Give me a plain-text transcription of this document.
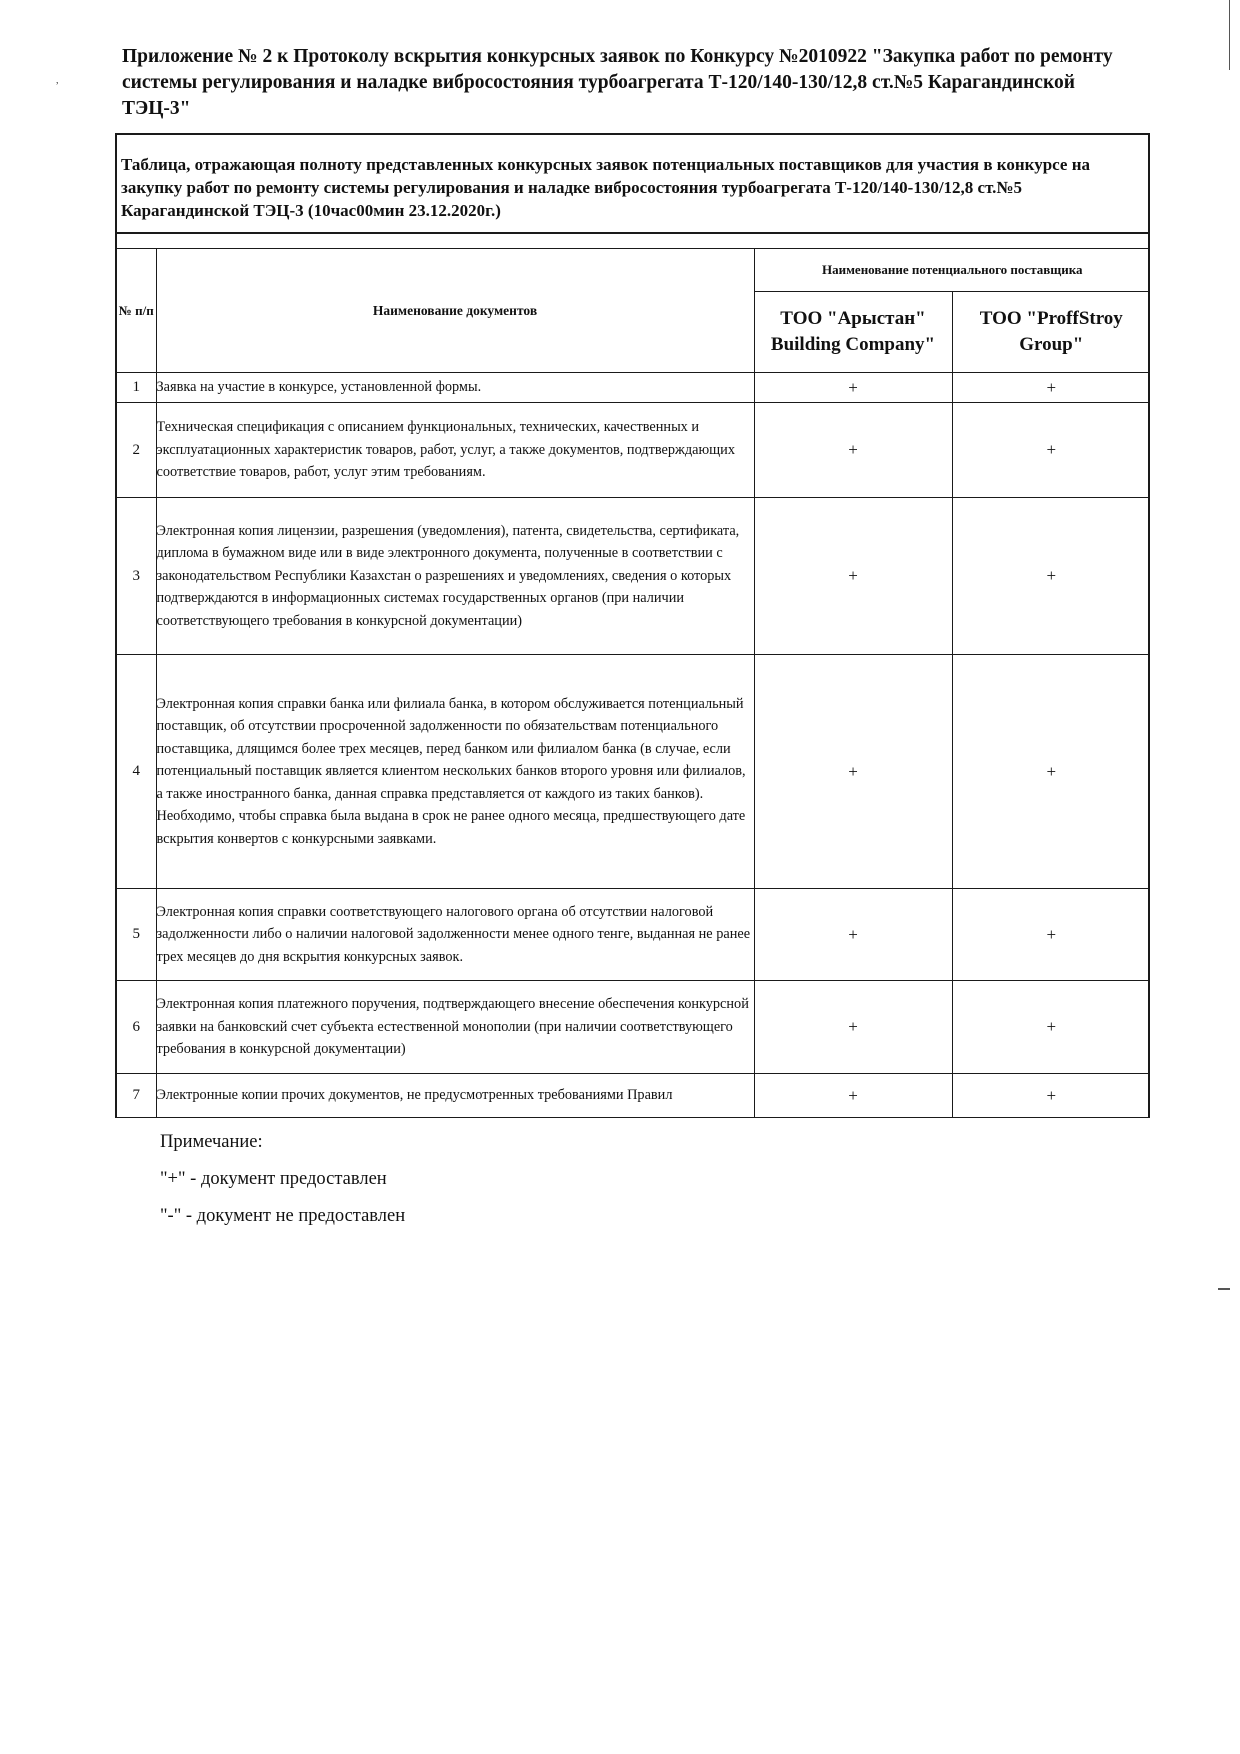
,
Приложение № 2 к Протоколу вскрытия конкурсных заявок по Конкурсу №2010922 "Закупка работ по ремонту системы регулирования и наладке вибросостояния турбоагрегата Т-120/140-130/12,8 ст.№5 Карагандинской ТЭЦ-3"
Таблица, отражающая полноту представленных конкурсных заявок потенциальных поставщиков для участия в конкурсе на закупку работ по ремонту системы регулирования и наладке вибросостояния турбоагрегата Т-120/140-130/12,8 ст.№5 Карагандинской ТЭЦ-3 (10час00мин 23.12.2020г.)

№ п/п	Наименование документов	Наименование потенциального поставщика	
		ТОО "Арыстан" Building Company"	ТОО "ProffStroy Group"
1	Заявка на участие в конкурсе, установленной формы.	+	+
2	Техническая спецификация с описанием функциональных, технических, качественных и эксплуатационных характеристик товаров, работ, услуг, а также документов, подтверждающих соответствие товаров, работ, услуг этим требованиям.	+	+
3	Электронная копия лицензии, разрешения (уведомления), патента, свидетельства, сертификата, диплома в бумажном виде или в виде электронного документа, полученные в соответствии с законодательством Республики Казахстан о разрешениях и уведомлениях, сведения о которых подтверждаются в информационных системах государственных органов (при наличии соответствующего требования в конкурсной документации)	+	+
4	Электронная копия справки банка или филиала банка, в котором обслуживается потенциальный поставщик, об отсутствии просроченной задолженности по обязательствам потенциального поставщика, длящимся более трех месяцев, перед банком или филиалом банка (в случае, если потенциальный поставщик является клиентом нескольких банков второго уровня или филиалов, а также иностранного банка, данная справка представляется от каждого из таких банков). Необходимо, чтобы справка была выдана в срок не ранее одного месяца, предшествующего дате вскрытия конвертов с конкурсными заявками.	+	+
5	Электронная копия справки соответствующего налогового органа об отсутствии налоговой задолженности либо о наличии налоговой задолженности менее одного тенге, выданная не ранее трех месяцев до дня вскрытия конкурсных заявок.	+	+
6	Электронная копия платежного поручения, подтверждающего внесение обеспечения конкурсной заявки на банковский счет субъекта естественной монополии (при наличии соответствующего требования в конкурсной документации)	+	+
7	Электронные копии прочих документов, не предусмотренных требованиями Правил	+	+
Примечание:
"+" - документ предоставлен
"-" - документ не предоставлен
